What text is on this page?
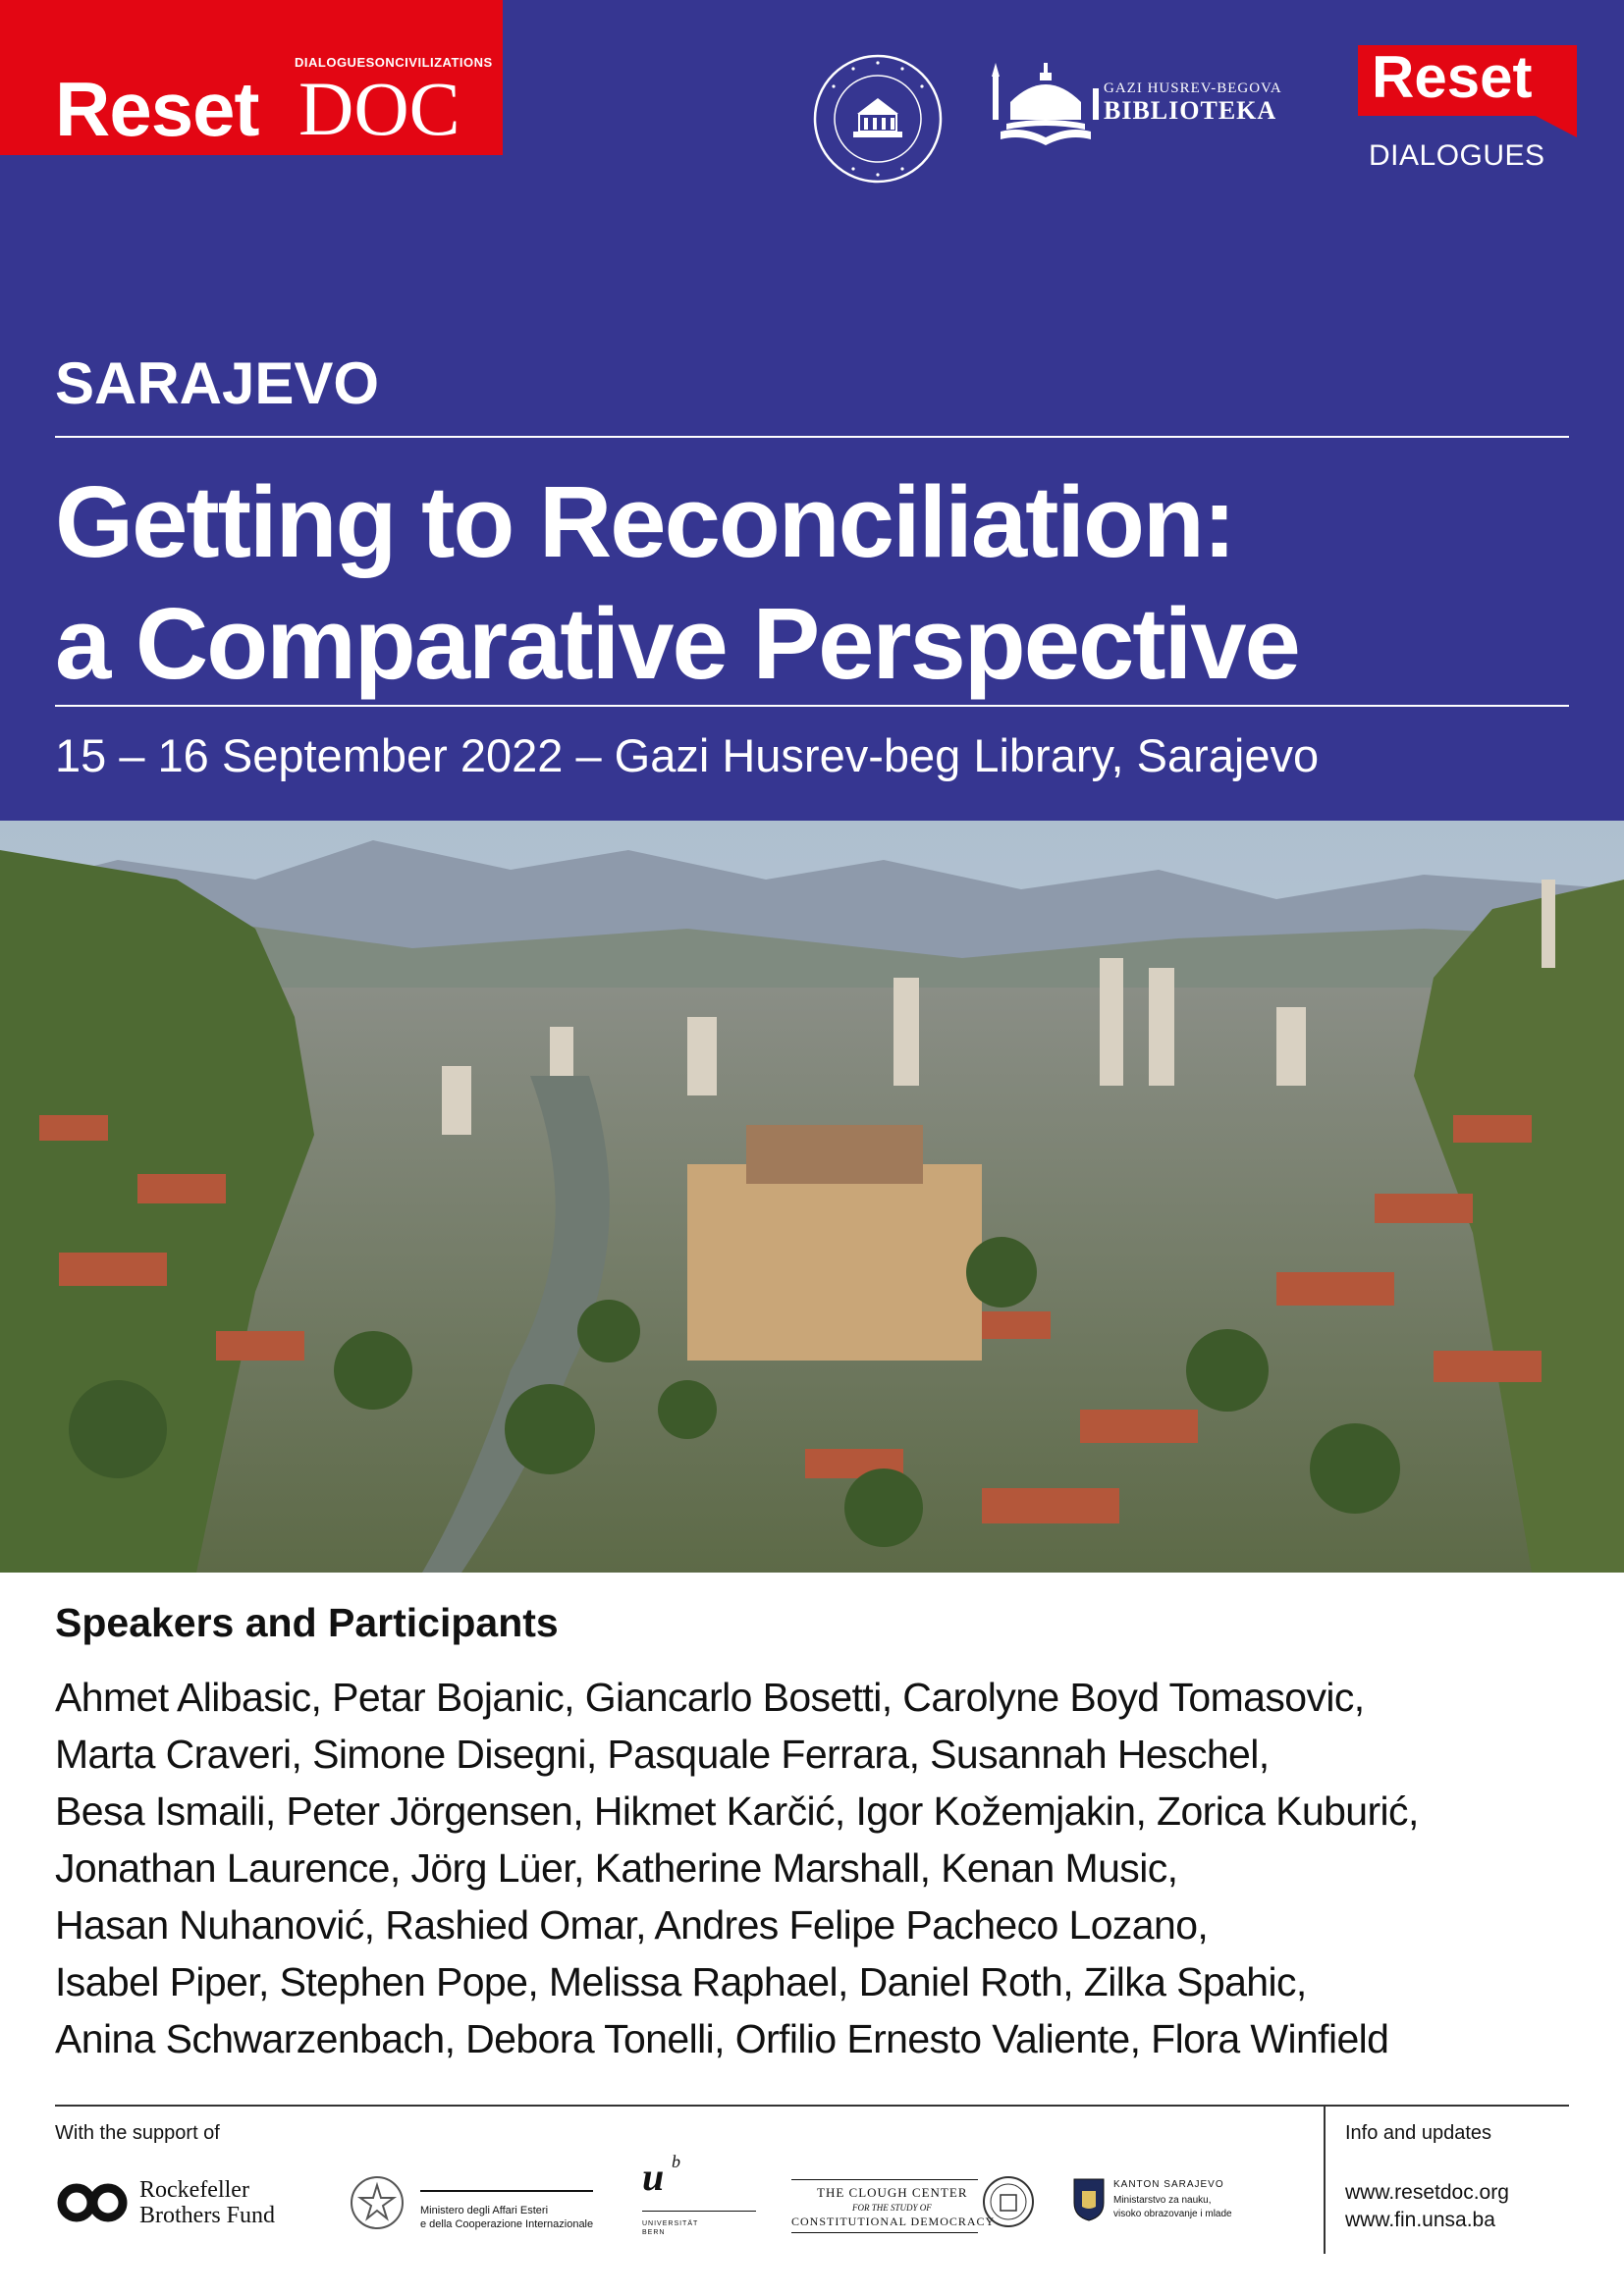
DIALOGUESONCIVILIZATIONS
Reset DOC	GAZI HUSREV-BEGOVA
BIBLIOTEKA
Reset
DIALOGUES
SARAJEVO
Getting to Reconciliation:
a Comparative Perspective
15 – 16 September 2022 – Gazi Husrev-beg Library, Sarajevo
Speakers and Participants
Ahmet Alibasic, Petar Bojanic, Giancarlo Bosetti, Carolyne Boyd Tomasovic,
Marta Craveri, Simone Disegni, Pasquale Ferrara, Susannah Heschel,
Besa Ismaili, Peter Jörgensen, Hikmet Karčić, Igor Kožemjakin, Zorica Kuburić,
Jonathan Laurence, Jörg Lüer, Katherine Marshall, Kenan Music,
Hasan Nuhanović, Rashied Omar, Andres Felipe Pacheco Lozano,
Isabel Piper, Stephen Pope, Melissa Raphael, Daniel Roth, Zilka Spahic,
Anina Schwarzenbach, Debora Tonelli, Orfilio Ernesto Valiente, Flora Winfield
With the support of	Info and updates
www.resetdoc.org
www.fin.unsa.ba
Rockefeller
Brothers Fund	Ministero degli Affari Esteri
e della Cooperazione Internazionale
u b
UNIVERSITÄT
BERN
THE CLOUGH CENTER
FOR THE STUDY OF
CONSTITUTIONAL DEMOCRACY
KANTON SARAJEVO
Ministarstvo za nauku,
visoko obrazovanje i mlade
